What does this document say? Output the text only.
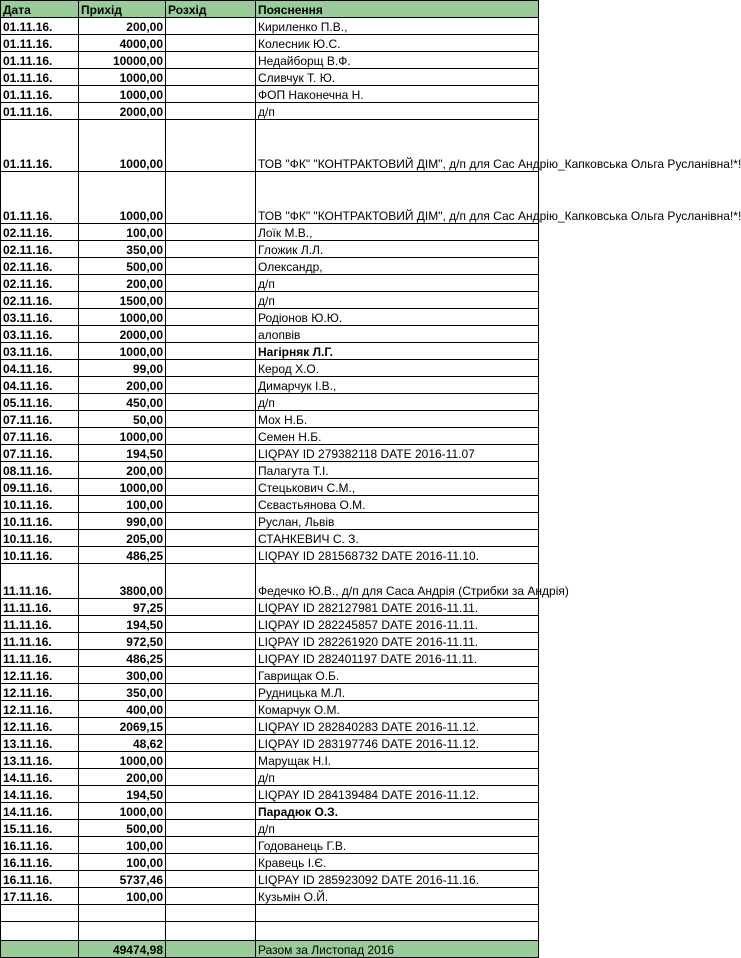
Дата	Прихід	Розхід	Пояснення
01.11.16.	200,00		Кириленко П.В.,
01.11.16.	4000,00		Колесник Ю.С.
01.11.16.	10000,00		Недайборщ В.Ф.
01.11.16.	1000,00		Сливчук Т. Ю.
01.11.16.	1000,00		ФОП Наконечна Н.
01.11.16.	2000,00		д/п
01.11.16.	1000,00		ТОВ "ФК" "КОНТРАКТОВИЙ ДІМ", д/п для Сас Андрію_Капковська Ольга Русланівна!*!
01.11.16.	1000,00		ТОВ "ФК" "КОНТРАКТОВИЙ ДІМ", д/п для Сас Андрію_Капковська Ольга Русланівна!*!
02.11.16.	100,00		Лоїк М.В.,
02.11.16.	350,00		Гложик Л.Л.
02.11.16.	500,00		Олександр,
02.11.16.	200,00		д/п
02.11.16.	1500,00		д/п
03.11.16.	1000,00		Родіонов Ю.Ю.
03.11.16.	2000,00		алопвів
03.11.16.	1000,00		Нагірняк Л.Г.
04.11.16.	99,00		Керод Х.О.
04.11.16.	200,00		Димарчук І.В.,
05.11.16.	450,00		д/п
07.11.16.	50,00		Мох Н.Б.
07.11.16.	1000,00		Семен Н.Б.
07.11.16.	194,50		LIQPAY ID 279382118 DATE 2016-11.07
08.11.16.	200,00		Палагута Т.І.
09.11.16.	1000,00		Стецькович С.М.,
10.11.16.	100,00		Сєвастьянова О.М.
10.11.16.	990,00		Руслан, Львів
10.11.16.	205,00		СТАНКЕВИЧ С. З.
10.11.16.	486,25		LIQPAY ID 281568732 DATE 2016-11.10.
11.11.16.	3800,00		Федечко Ю.В., д/п для Саса Андрія (Стрибки за Андрія)
11.11.16.	97,25		LIQPAY ID 282127981 DATE 2016-11.11.
11.11.16.	194,50		LIQPAY ID 282245857 DATE 2016-11.11.
11.11.16.	972,50		LIQPAY ID 282261920 DATE 2016-11.11.
11.11.16.	486,25		LIQPAY ID 282401197 DATE 2016-11.11.
12.11.16.	300,00		Гаврищак О.Б.
12.11.16.	350,00		Рудницька М.Л.
12.11.16.	400,00		Комарчук О.М.
12.11.16.	2069,15		LIQPAY ID 282840283 DATE 2016-11.12.
13.11.16.	48,62		LIQPAY ID 283197746 DATE 2016-11.12.
13.11.16.	1000,00		Марущак Н.І.
14.11.16.	200,00		д/п
14.11.16.	194,50		LIQPAY ID 284139484 DATE 2016-11.12.
14.11.16.	1000,00		Парадюк О.З.
15.11.16.	500,00		д/п
16.11.16.	100,00		Годованець Г.В.
16.11.16.	100,00		Кравець І.Є.
16.11.16.	5737,46		LIQPAY ID 285923092 DATE 2016-11.16.
17.11.16.	100,00		Кузьмін О.Й.

	49474,98		Разом за Листопад 2016
